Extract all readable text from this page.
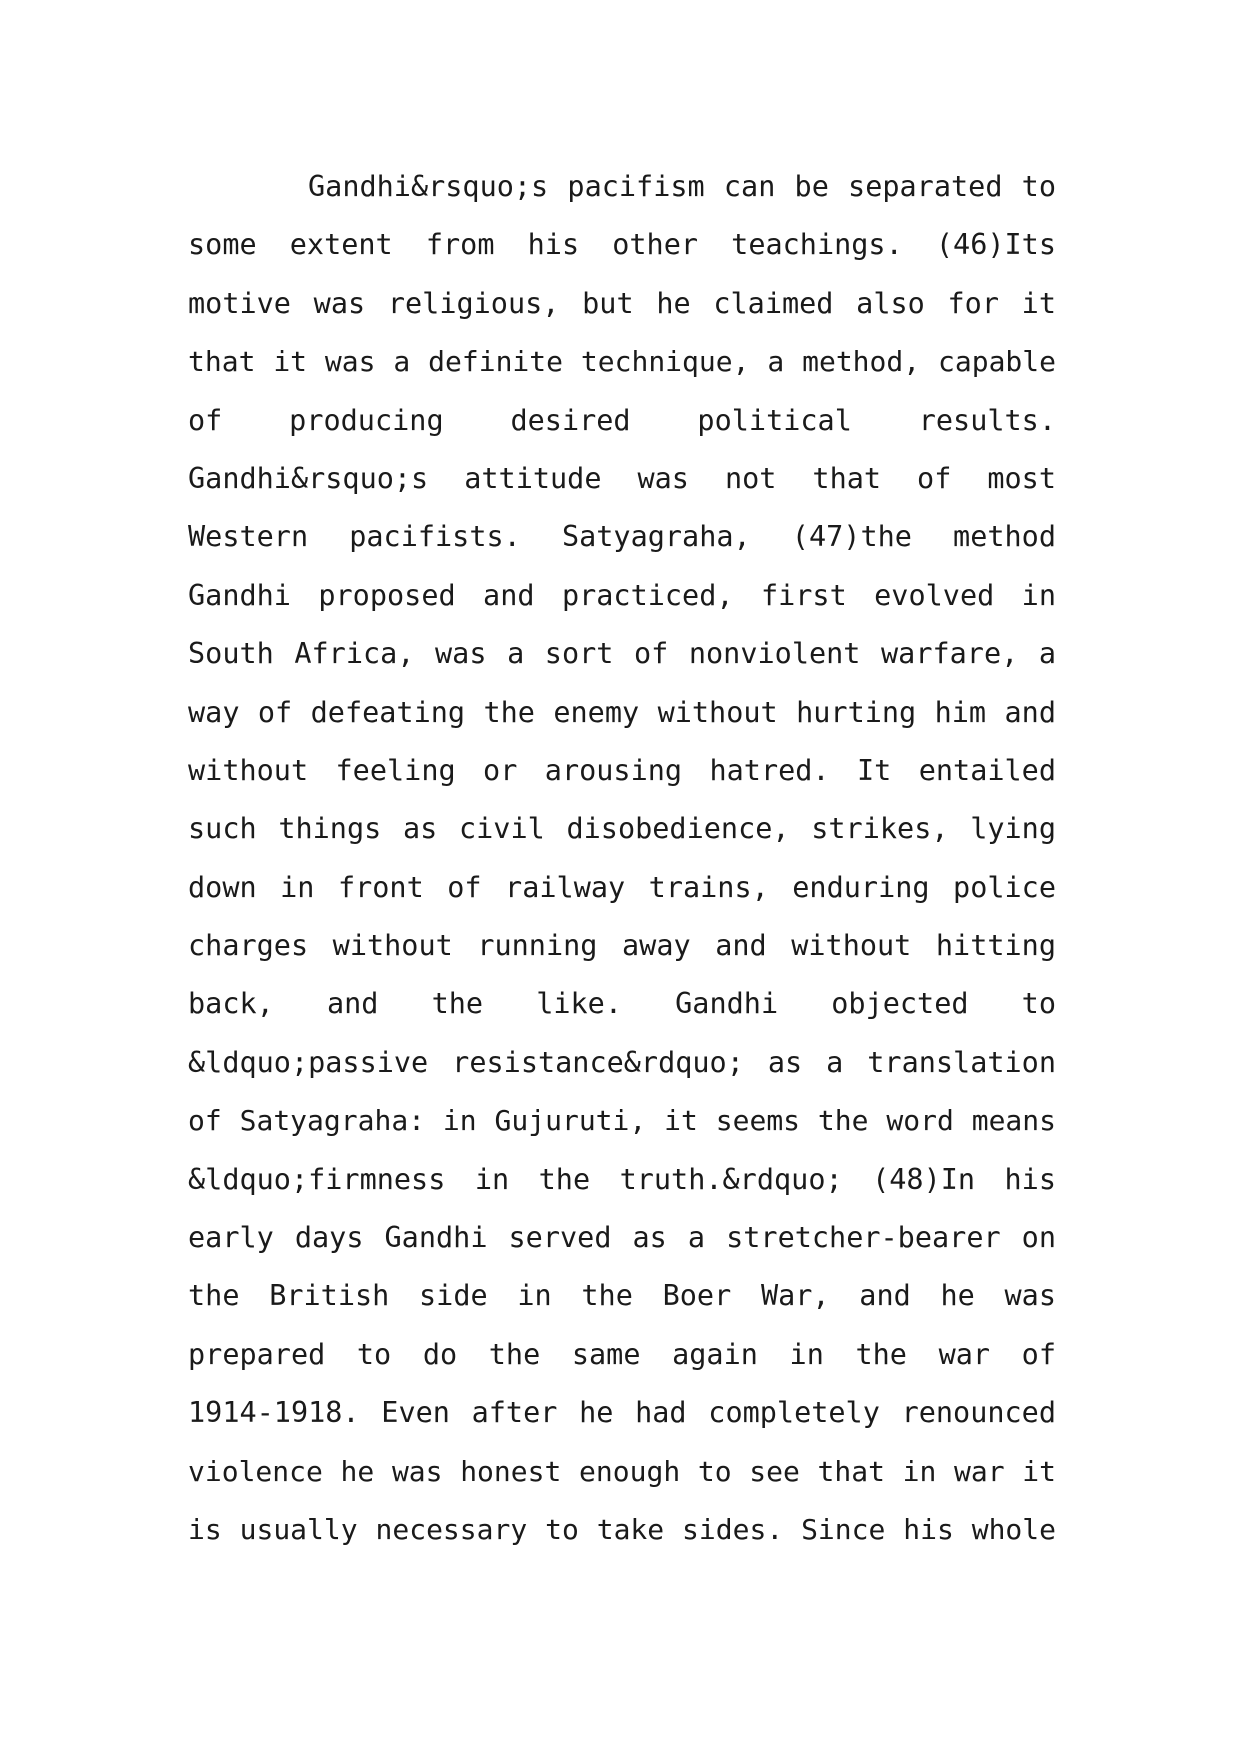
Gandhi&rsquo;s pacifism can be separated to
some extent from his other teachings. (46)Its
motive was religious, but he claimed also for it
that it was a definite technique, a method, capable
of producing desired political results.
Gandhi&rsquo;s attitude was not that of most
Western pacifists. Satyagraha, (47)the method
Gandhi proposed and practiced, first evolved in
South Africa, was a sort of nonviolent warfare, a
way of defeating the enemy without hurting him and
without feeling or arousing hatred. It entailed
such things as civil disobedience, strikes, lying
down in front of railway trains, enduring police
charges without running away and without hitting
back, and the like. Gandhi objected to
&ldquo;passive resistance&rdquo; as a translation
of Satyagraha: in Gujuruti, it seems the word means
&ldquo;firmness in the truth.&rdquo; (48)In his
early days Gandhi served as a stretcher-bearer on
the British side in the Boer War, and he was
prepared to do the same again in the war of
1914-1918. Even after he had completely renounced
violence he was honest enough to see that in war it
is usually necessary to take sides. Since his whole
